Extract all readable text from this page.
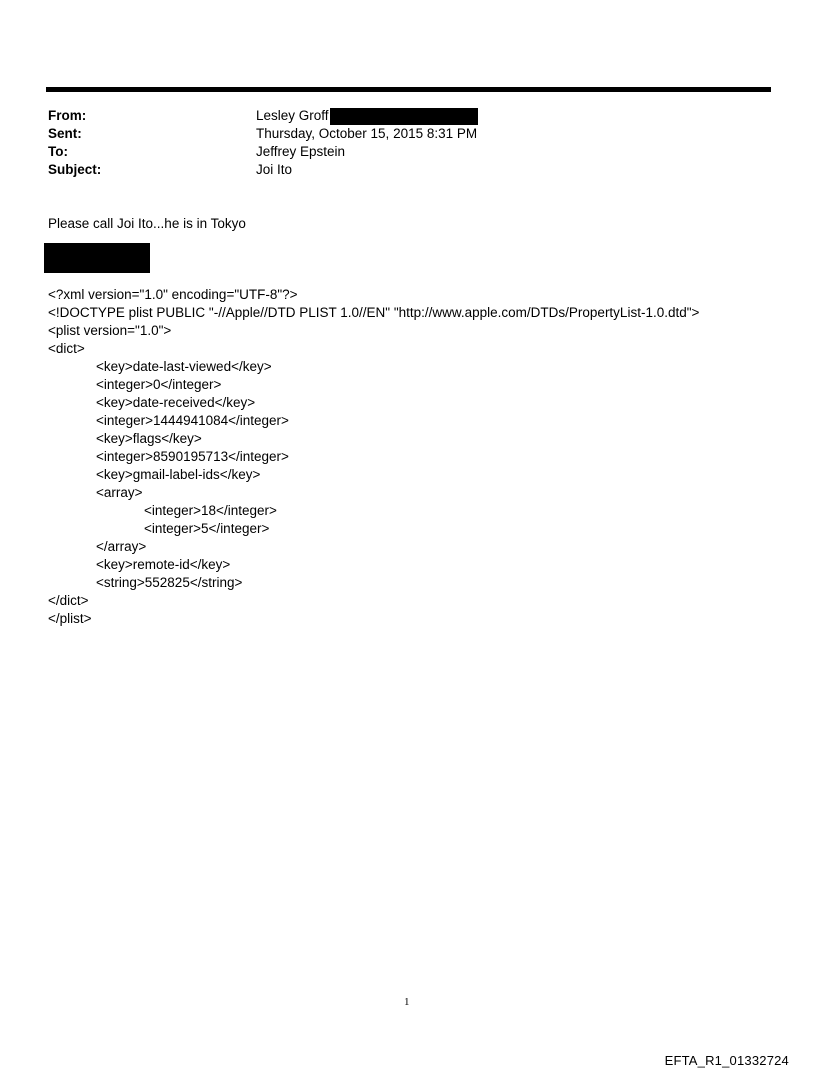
From:	Lesley Groff
Sent:	Thursday, October 15, 2015 8:31 PM
To:	Jeffrey Epstein
Subject:	Joi Ito
Please call Joi Ito...he is in Tokyo
<?xml version="1.0" encoding="UTF-8"?>
<!DOCTYPE plist PUBLIC "-//Apple//DTD PLIST 1.0//EN" "http://www.apple.com/DTDs/PropertyList-1.0.dtd">
<plist version="1.0">
<dict>
<key>date-last-viewed</key>
<integer>0</integer>
<key>date-received</key>
<integer>1444941084</integer>
<key>flags</key>
<integer>8590195713</integer>
<key>gmail-label-ids</key>
<array>
<integer>18</integer>
<integer>5</integer>
</array>
<key>remote-id</key>
<string>552825</string>
</dict>
</plist>
1
EFTA_R1_01332724
